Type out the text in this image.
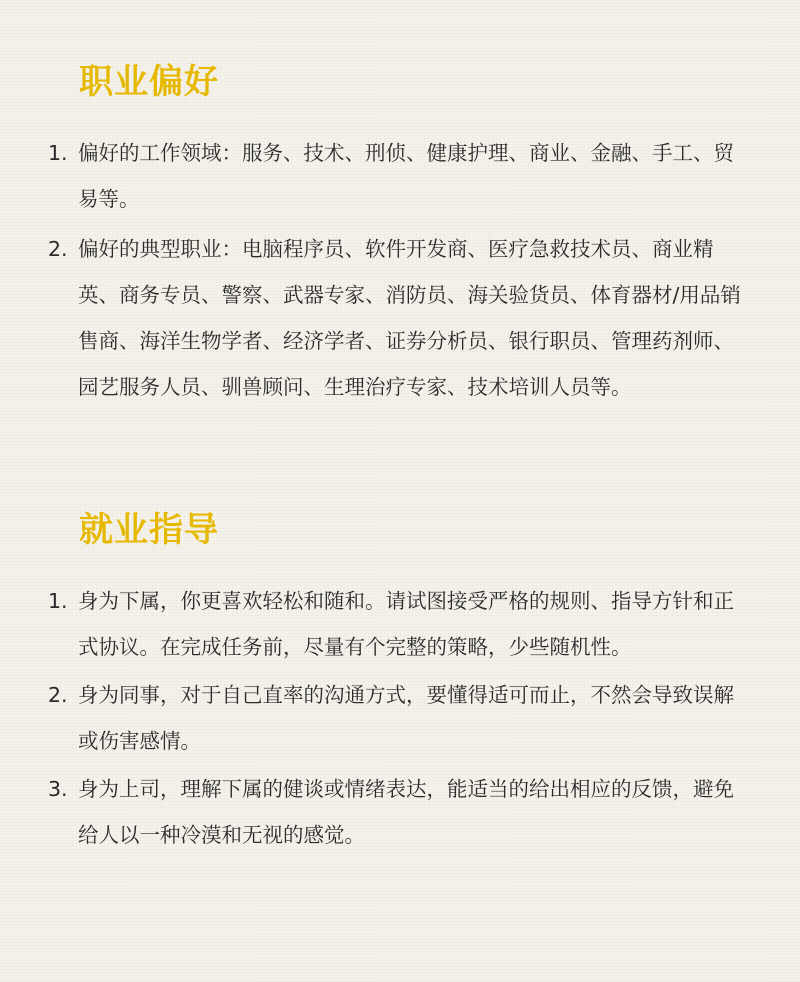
职业偏好
1. 偏好的工作领域：服务、技术、刑侦、健康护理、商业、金融、手工、贸易等。
2. 偏好的典型职业：电脑程序员、软件开发商、医疗急救技术员、商业精英、商务专员、警察、武器专家、消防员、海关验货员、体育器材/用品销售商、海洋生物学者、经济学者、证券分析员、银行职员、管理药剂师、园艺服务人员、驯兽顾问、生理治疗专家、技术培训人员等。
就业指导
1. 身为下属，你更喜欢轻松和随和。请试图接受严格的规则、指导方针和正式协议。在完成任务前，尽量有个完整的策略，少些随机性。
2. 身为同事，对于自己直率的沟通方式，要懂得适可而止，不然会导致误解或伤害感情。
3. 身为上司，理解下属的健谈或情绪表达，能适当的给出相应的反馈，避免给人以一种冷漠和无视的感觉。
